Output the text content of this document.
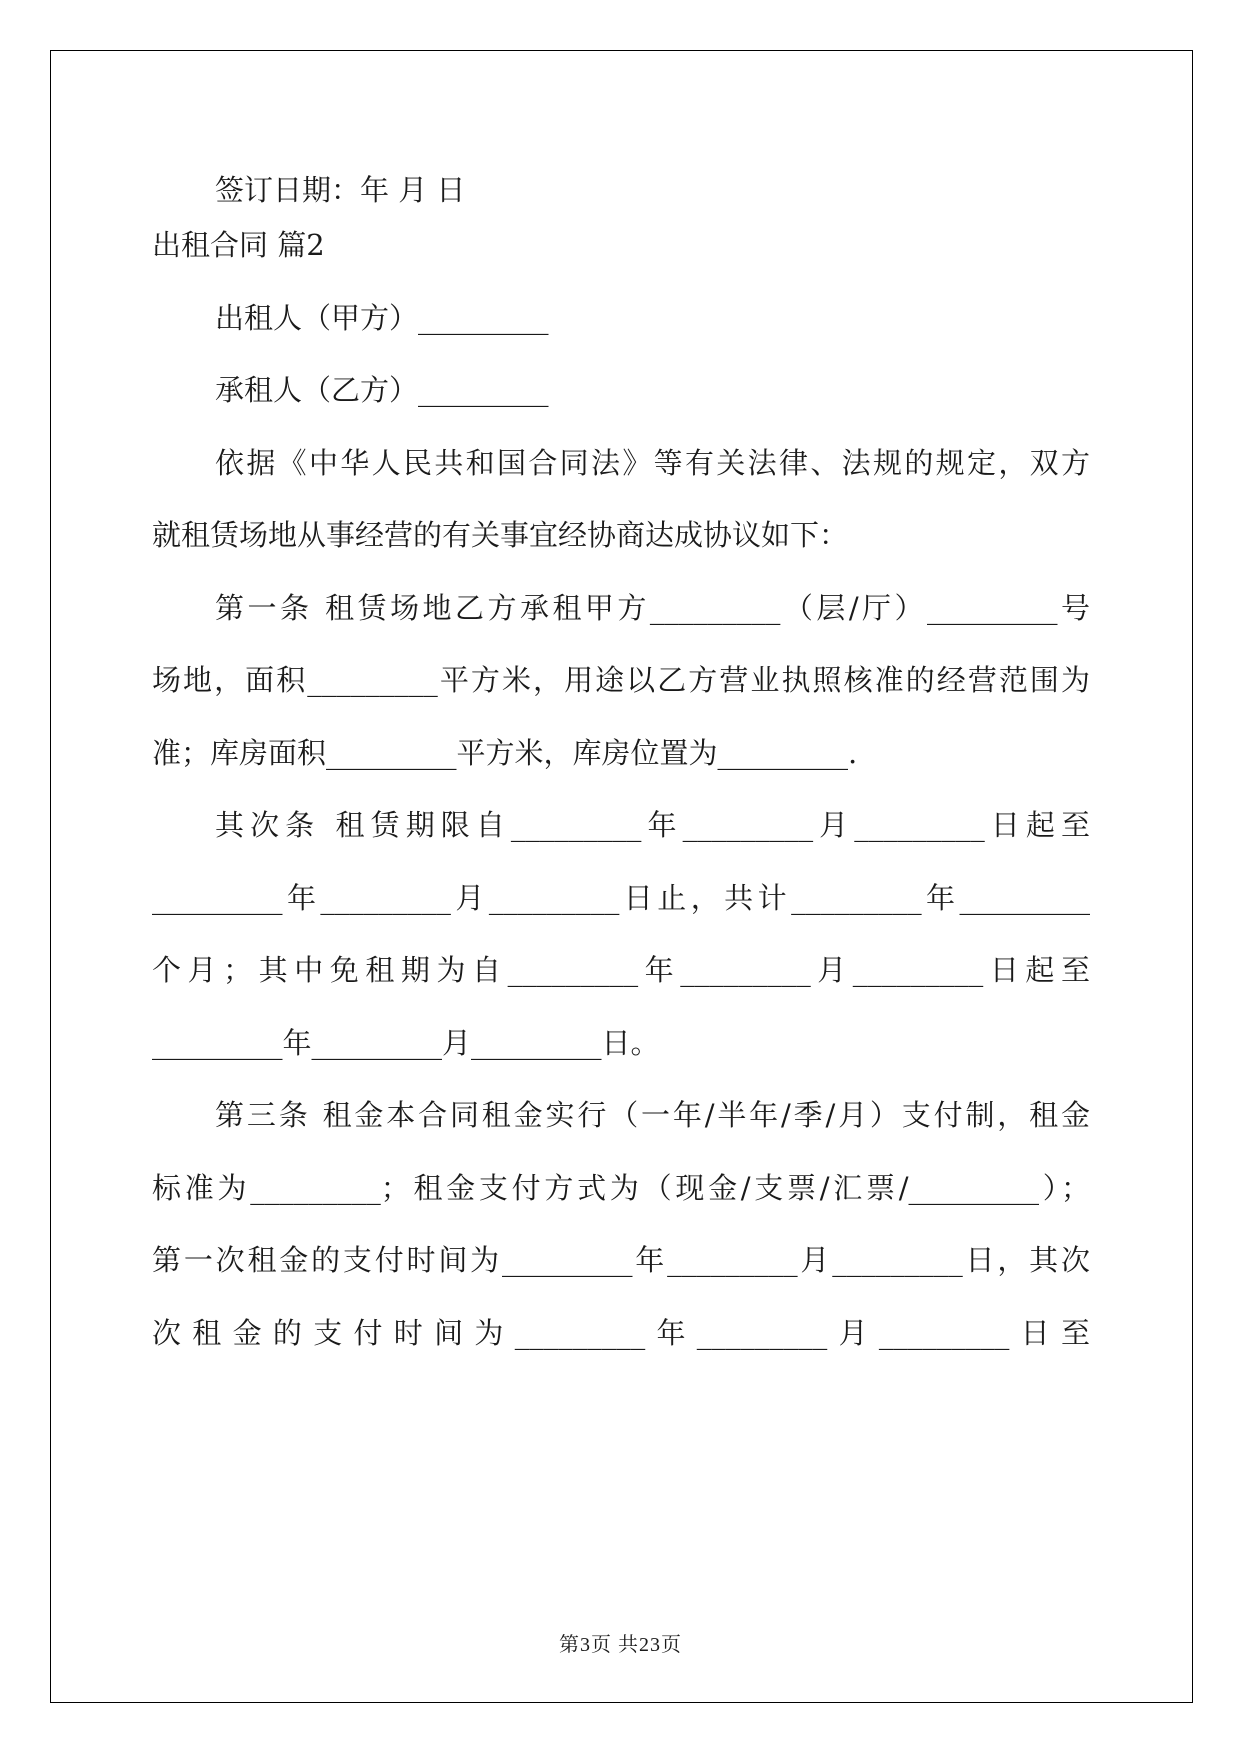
签订日期：年 月 日
出租合同 篇2
出租人（甲方）_________
承租人（乙方）_________
依据《中华人民共和国合同法》等有关法律、法规的规定，双方
就租赁场地从事经营的有关事宜经协商达成协议如下：
第一条 租赁场地乙方承租甲方_________（层/厅）_________号
场地，面积_________平方米，用途以乙方营业执照核准的经营范围为
准；库房面积_________平方米，库房位置为_________.
其次条 租赁期限自_________年_________月_________日起至
_________年_________月_________日止，共计_________年_________
个月；其中免租期为自_________年_________月_________日起至
_________年_________月_________日。
第三条 租金本合同租金实行（一年/半年/季/月）支付制，租金
标准为_________；租金支付方式为（现金/支票/汇票/_________）；
第一次租金的支付时间为_________年_________月_________日，其次
次租金的支付时间为_________年_________月_________日至
第3页 共23页
